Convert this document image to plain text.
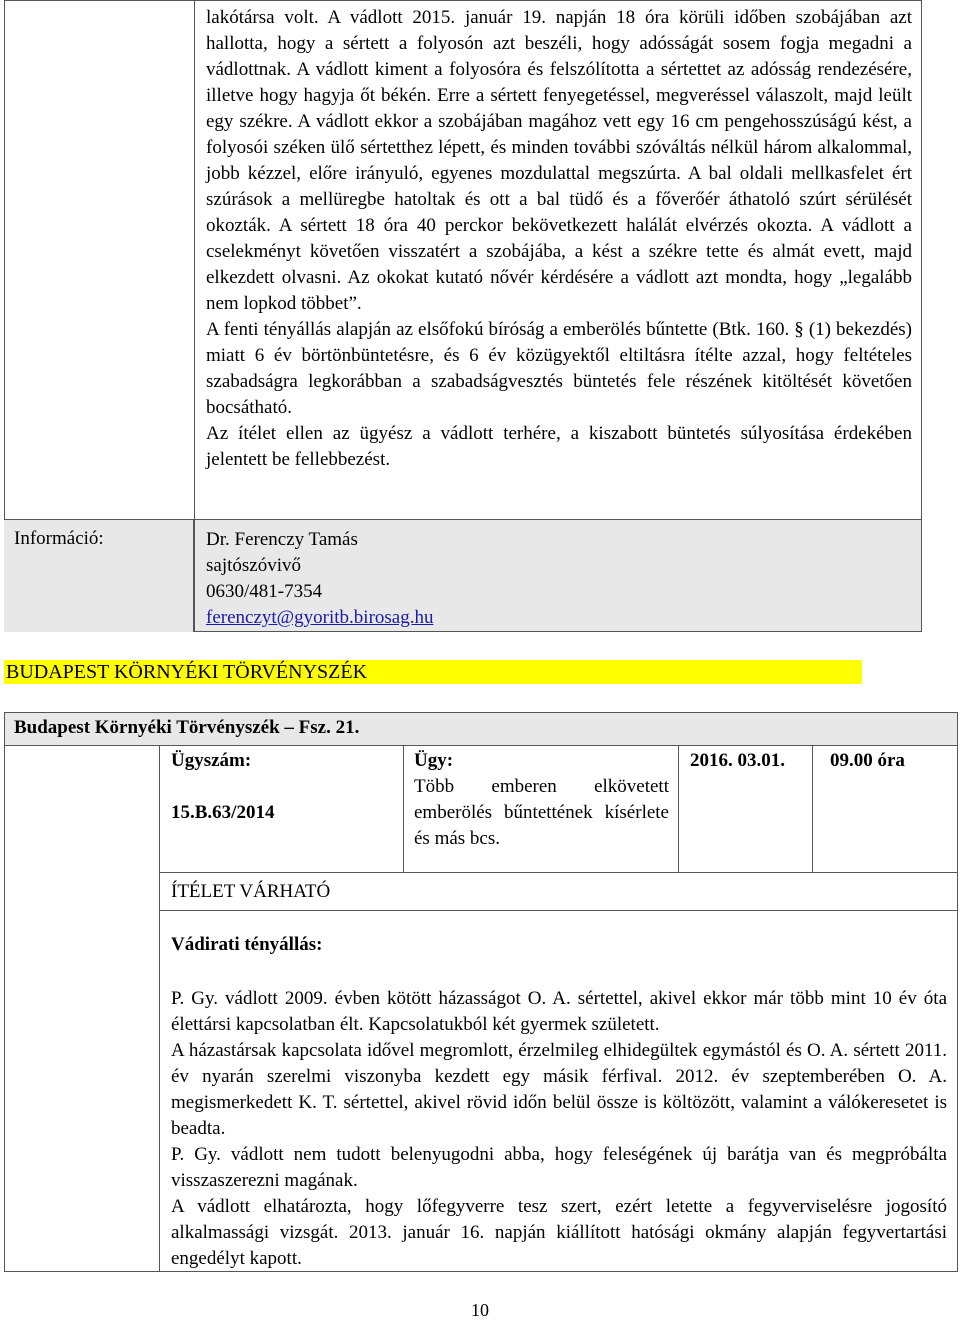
lakótársa volt. A vádlott 2015. január 19. napján 18 óra körüli időben szobájában azt hallotta, hogy a sértett a folyosón azt beszéli, hogy adósságát sosem fogja megadni a vádlottnak. A vádlott kiment a folyosóra és felszólította a sértettet az adósság rendezésére, illetve hogy hagyja őt békén. Erre a sértett fenyegetéssel, megveréssel válaszolt, majd leült egy székre. A vádlott ekkor a szobájában magához vett egy 16 cm pengehosszúságú kést, a folyosói széken ülő sértetthez lépett, és minden további szóváltás nélkül három alkalommal, jobb kézzel, előre irányuló, egyenes mozdulattal megszúrta. A bal oldali mellkasfelet ért szúrások a mellüregbe hatoltak és ott a bal tüdő és a főverőér áthatoló szúrt sérülését okozták. A sértett 18 óra 40 perckor bekövetkezett halálát elvérzés okozta. A vádlott a cselekményt követően visszatért a szobájába, a kést a székre tette és almát evett, majd elkezdett olvasni. Az okokat kutató nővér kérdésére a vádlott azt mondta, hogy „legalább nem lopkod többet”.

A fenti tényállás alapján az elsőfokú bíróság a emberölés bűntette (Btk. 160. § (1) bekezdés) miatt 6 év börtönbüntetésre, és 6 év közügyektől eltiltásra ítélte azzal, hogy feltételes szabadságra legkorábban a szabadságvesztés büntetés fele részének kitöltését követően bocsátható.

Az ítélet ellen az ügyész a vádlott terhére, a kiszabott büntetés súlyosítása érdekében jelentett be fellebbezést.

Információ:	Dr. Ferenczy Tamás
sajtószóvivő
0630/481-7354
ferenczyt@gyoritb.birosag.hu
BUDAPEST KÖRNYÉKI TÖRVÉNYSZÉK
Budapest Környéki Törvényszék – Fsz. 21.
Ügyszám:
15.B.63/2014
Ügy:
Több emberen elkövetett emberölés bűntettének kísérlete és más bcs.
2016. 03.01. 09.00 óra
ÍTÉLET VÁRHATÓ
Vádirati tényállás:

P. Gy. vádlott 2009. évben kötött házasságot O. A. sértettel, akivel ekkor már több mint 10 év óta élettársi kapcsolatban élt. Kapcsolatukból két gyermek született.

A házastársak kapcsolata idővel megromlott, érzelmileg elhidegültek egymástól és O. A. sértett 2011. év nyarán szerelmi viszonyba kezdett egy másik férfival. 2012. év szeptemberében O. A. megismerkedett K. T. sértettel, akivel rövid időn belül össze is költözött, valamint a válókeresetet is beadta.

P. Gy. vádlott nem tudott belenyugodni abba, hogy feleségének új barátja van és megpróbálta visszaszerezni magának.

A vádlott elhatározta, hogy lőfegyverre tesz szert, ezért letette a fegyverviselésre jogosító alkalmassági vizsgát. 2013. január 16. napján kiállított hatósági okmány alapján fegyvertartási engedélyt kapott.

10
